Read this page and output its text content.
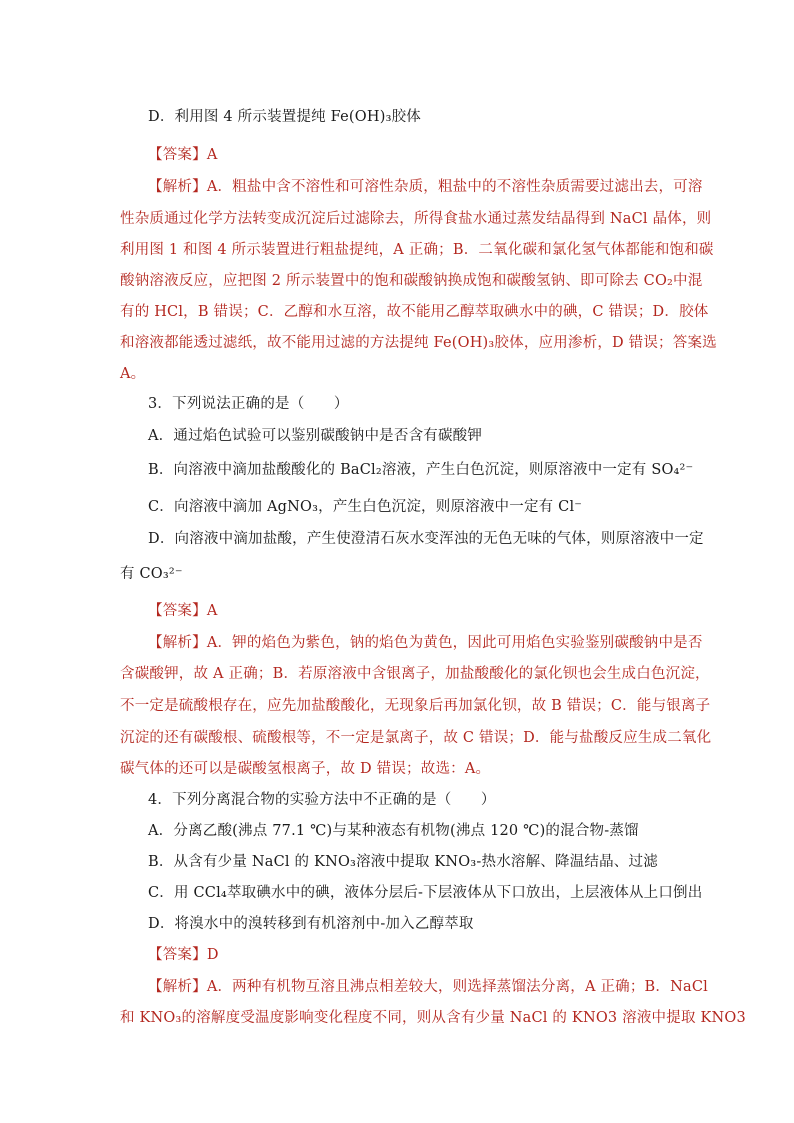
D．利用图 4 所示装置提纯 Fe(OH)₃胶体
【答案】A
【解析】A．粗盐中含不溶性和可溶性杂质，粗盐中的不溶性杂质需要过滤出去，可溶
性杂质通过化学方法转变成沉淀后过滤除去，所得食盐水通过蒸发结晶得到 NaCl 晶体，则
利用图 1 和图 4 所示装置进行粗盐提纯，A 正确；B．二氧化碳和氯化氢气体都能和饱和碳
酸钠溶液反应，应把图 2 所示装置中的饱和碳酸钠换成饱和碳酸氢钠、即可除去 CO₂中混
有的 HCl，B 错误；C．乙醇和水互溶，故不能用乙醇萃取碘水中的碘，C 错误；D．胶体
和溶液都能透过滤纸，故不能用过滤的方法提纯 Fe(OH)₃胶体，应用渗析，D 错误；答案选
A。
3．下列说法正确的是（　　）
A．通过焰色试验可以鉴别碳酸钠中是否含有碳酸钾
B．向溶液中滴加盐酸酸化的 BaCl₂溶液，产生白色沉淀，则原溶液中一定有 SO₄²⁻
C．向溶液中滴加 AgNO₃，产生白色沉淀，则原溶液中一定有 Cl⁻
D．向溶液中滴加盐酸，产生使澄清石灰水变浑浊的无色无味的气体，则原溶液中一定
有 CO₃²⁻
【答案】A
【解析】A．钾的焰色为紫色，钠的焰色为黄色，因此可用焰色实验鉴别碳酸钠中是否
含碳酸钾，故 A 正确；B．若原溶液中含银离子，加盐酸酸化的氯化钡也会生成白色沉淀，
不一定是硫酸根存在，应先加盐酸酸化，无现象后再加氯化钡，故 B 错误；C．能与银离子
沉淀的还有碳酸根、硫酸根等，不一定是氯离子，故 C 错误；D．能与盐酸反应生成二氧化
碳气体的还可以是碳酸氢根离子，故 D 错误；故选：A。
4．下列分离混合物的实验方法中不正确的是（　　）
A．分离乙酸(沸点 77.1 ℃)与某种液态有机物(沸点 120 ℃)的混合物-蒸馏
B．从含有少量 NaCl 的 KNO₃溶液中提取 KNO₃-热水溶解、降温结晶、过滤
C．用 CCl₄萃取碘水中的碘，液体分层后-下层液体从下口放出，上层液体从上口倒出
D．将溴水中的溴转移到有机溶剂中-加入乙醇萃取
【答案】D
【解析】A．两种有机物互溶且沸点相差较大，则选择蒸馏法分离，A 正确；B．NaCl
和 KNO₃的溶解度受温度影响变化程度不同，则从含有少量 NaCl 的 KNO3 溶液中提取 KNO3
